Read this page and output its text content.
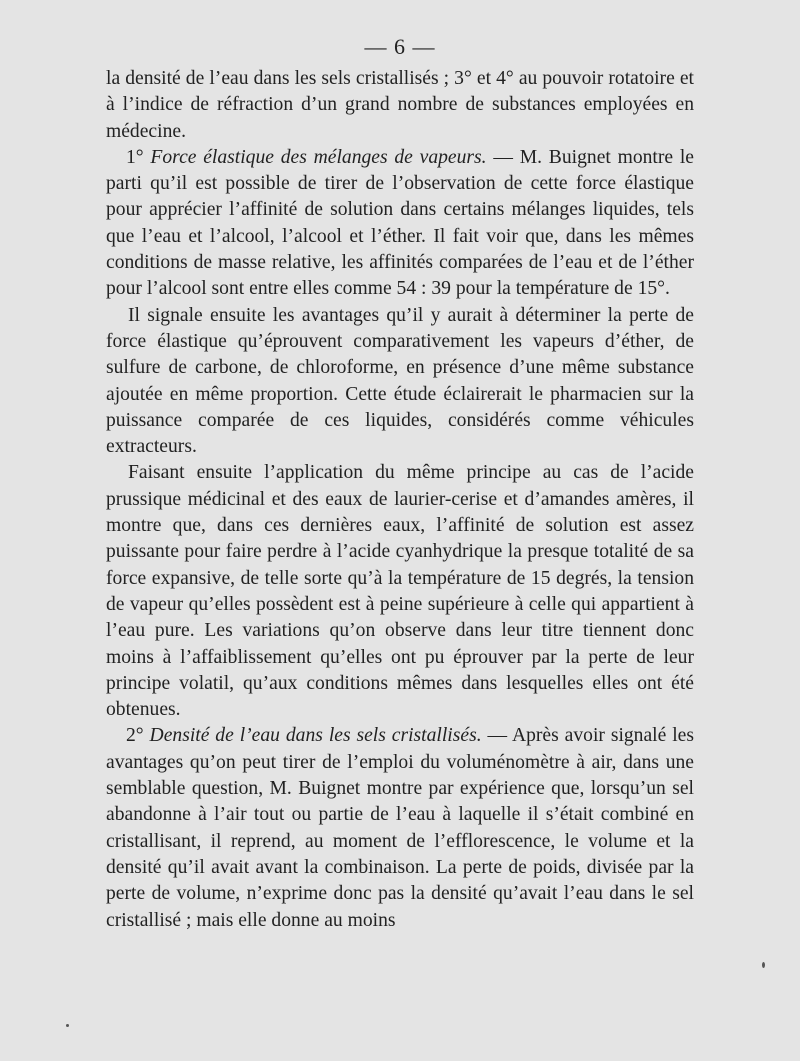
— 6 —

la densité de l’eau dans les sels cristallisés ; 3° et 4° au pouvoir rotatoire et à l’indice de réfraction d’un grand nombre de substances employées en médecine.

1° Force élastique des mélanges de vapeurs. — M. Buignet montre le parti qu’il est possible de tirer de l’observation de cette force élastique pour apprécier l’affinité de solution dans certains mélanges liquides, tels que l’eau et l’alcool, l’alcool et l’éther. Il fait voir que, dans les mêmes conditions de masse relative, les affinités comparées de l’eau et de l’éther pour l’alcool sont entre elles comme 54 : 39 pour la température de 15°.

Il signale ensuite les avantages qu’il y aurait à déterminer la perte de force élastique qu’éprouvent comparativement les vapeurs d’éther, de sulfure de carbone, de chloroforme, en présence d’une même substance ajoutée en même proportion. Cette étude éclairerait le pharmacien sur la puissance comparée de ces liquides, considérés comme véhicules extracteurs.

Faisant ensuite l’application du même principe au cas de l’acide prussique médicinal et des eaux de laurier-cerise et d’amandes amères, il montre que, dans ces dernières eaux, l’affinité de solution est assez puissante pour faire perdre à l’acide cyanhydrique la presque totalité de sa force expansive, de telle sorte qu’à la température de 15 degrés, la tension de vapeur qu’elles possèdent est à peine supérieure à celle qui appartient à l’eau pure. Les variations qu’on observe dans leur titre tiennent donc moins à l’affaiblissement qu’elles ont pu éprouver par la perte de leur principe volatil, qu’aux conditions mêmes dans lesquelles elles ont été obtenues.

2° Densité de l’eau dans les sels cristallisés. — Après avoir signalé les avantages qu’on peut tirer de l’emploi du voluménomètre à air, dans une semblable question, M. Buignet montre par expérience que, lorsqu’un sel abandonne à l’air tout ou partie de l’eau à laquelle il s’était combiné en cristallisant, il reprend, au moment de l’efflorescence, le volume et la densité qu’il avait avant la combinaison. La perte de poids, divisée par la perte de volume, n’exprime donc pas la densité qu’avait l’eau dans le sel cristallisé ; mais elle donne au moins
